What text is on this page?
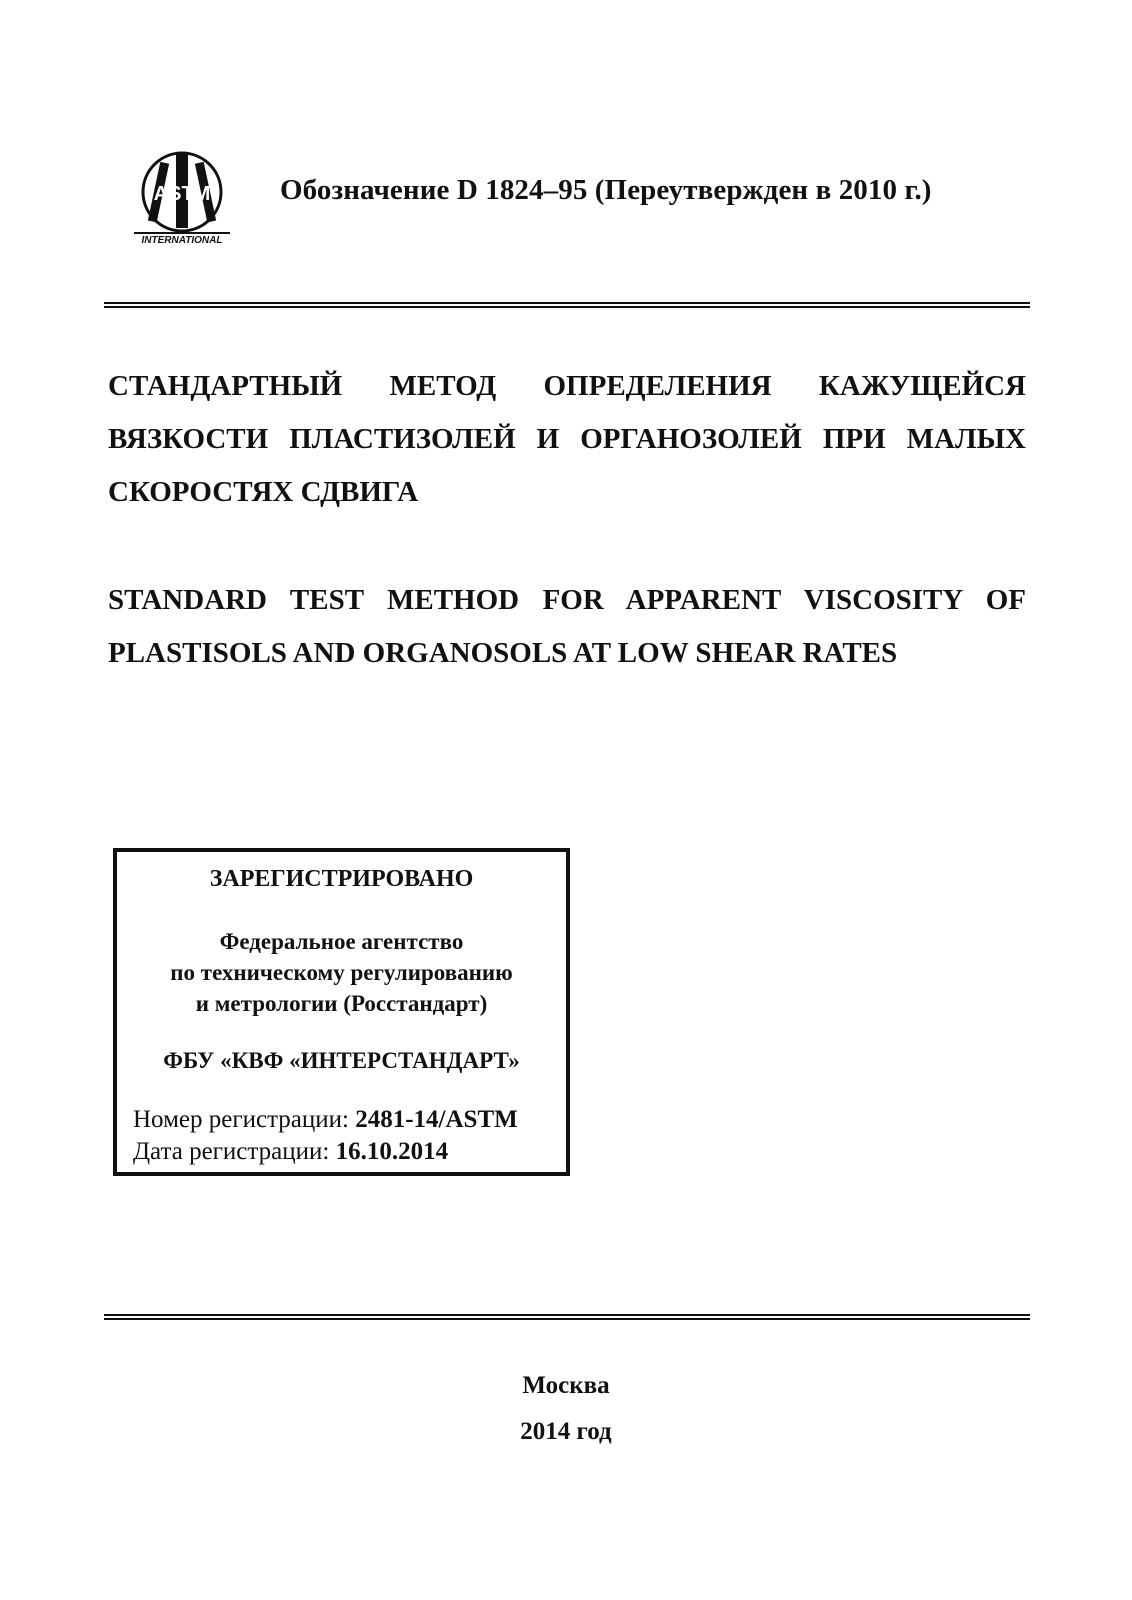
ASTM
INTERNATIONAL
Обозначение D 1824–95 (Переутвержден в 2010 г.)
СТАНДАРТНЫЙ МЕТОД ОПРЕДЕЛЕНИЯ КАЖУЩЕЙСЯ
ВЯЗКОСТИ ПЛАСТИЗОЛЕЙ И ОРГАНОЗОЛЕЙ ПРИ МАЛЫХ
СКОРОСТЯХ СДВИГА
STANDARD TEST METHOD FOR APPARENT VISCOSITY OF
PLASTISOLS AND ORGANOSOLS AT LOW SHEAR RATES
ЗАРЕГИСТРИРОВАНО
Федеральное агентство
по техническому регулированию
и метрологии (Росстандарт)
ФБУ «КВФ «ИНТЕРСТАНДАРТ»
Номер регистрации: 2481-14/ASTM
Дата регистрации: 16.10.2014
Москва
2014 год
